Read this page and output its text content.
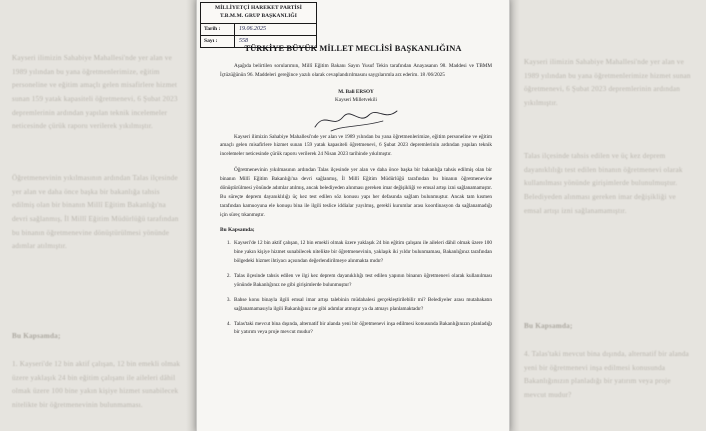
Kayseri ilimizin Sahabiye Mahallesi'nde yer alan ve 1989 yılından bu yana öğretmenlerimize, eğitim personeline ve eğitim amaçlı gelen misafirlere hizmet sunan 159 yatak kapasiteli öğretmenevi, 6 Şubat 2023 depremlerinin ardından yapılan teknik incelemeler neticesinde çürük raporu verilerek yıkılmıştır.
Öğretmenevinin yıkılmasının ardından Talas ilçesinde yer alan ve daha önce başka bir bakanlığa tahsis edilmiş olan bir binanın Millî Eğitim Bakanlığı'na devri sağlanmış, İl Millî Eğitim Müdürlüğü tarafından bu binanın öğretmenevine dönüştürülmesi yönünde adımlar atılmıştır.
Bu Kapsamda;
1. Kayseri'de 12 bin aktif çalışan, 12 bin emekli olmak üzere yaklaşık 24 bin eğitim çalışanı ile aileleri dâhil olmak üzere 100 bine yakın kişiye hizmet sunabilecek nitelikte bir öğretmenevinin bulunmaması.
Kayseri ilimizin Sahabiye Mahallesi'nde yer alan ve 1989 yılından bu yana öğretmenlerimize hizmet sunan öğretmenevi, 6 Şubat 2023 depremlerinin ardından yıkılmıştır.
Talas ilçesinde tahsis edilen ve üç kez deprem dayanıklılığı test edilen binanın öğretmenevi olarak kullanılması yönünde girişimlerde bulunulmuştur. Belediyeden alınması gereken imar değişikliği ve emsal artışı izni sağlanamamıştır.
Bu Kapsamda;
4. Talas'taki mevcut bina dışında, alternatif bir alanda yeni bir öğretmenevi inşa edilmesi konusunda Bakanlığınızın planladığı bir yatırım veya proje mevcut mudur?
MİLLİYETÇİ HAREKET PARTİSİ
T.B.M.M. GRUP BAŞKANLIĞI
Tarih :	19.06.2025
Sayı :	558
TÜRKİYE BÜYÜK MİLLET MECLİSİ BAŞKANLIĞINA

Aşağıda belirtilen sorularımın, Millî Eğitim Bakanı Sayın Yusuf Tekin tarafından Anayasanın 98. Maddesi ve TBMM İçtüzüğünün 96. Maddeleri gereğince yazılı olarak cevaplandırılmasını saygılarımla arz ederim. 18 /06/2025

M. Bali ERSOY
Kayseri Milletvekili

Kayseri ilimizin Sahabiye Mahallesi'nde yer alan ve 1989 yılından bu yana öğretmenlerimize, eğitim personeline ve eğitim amaçlı gelen misafirlere hizmet sunan 159 yatak kapasiteli öğretmenevi, 6 Şubat 2023 depremlerinin ardından yapılan teknik incelemeler neticesinde çürük raporu verilerek 24 Nisan 2023 tarihinde yıkılmıştır.

Öğretmenevinin yıkılmasının ardından Talas ilçesinde yer alan ve daha önce başka bir bakanlığa tahsis edilmiş olan bir binanın Millî Eğitim Bakanlığı'na devri sağlanmış, İl Millî Eğitim Müdürlüğü tarafından bu binanın öğretmenevine dönüştürülmesi yönünde adımlar atılmış, ancak belediyeden alınması gereken imar değişikliği ve emsal artışı izni sağlanamamıştır. Bu süreçte deprem dayanıklılığı üç kez test edilen söz konusu yapı her defasında sağlam bulunmuştur. Ancak tam kısmen tarafından kamuoyuna ele konuşu bina ile ilgili teslice iddialar yayılmış, gerekli kurumlar arası koordinasyon da sağlanamadığı için süreç tıkanmıştır.

Bu Kapsamda;
1. Kayseri'de 12 bin aktif çalışan, 12 bin emekli olmak üzere yaklaşık 24 bin eğitim çalışanı ile aileleri dâhil olmak üzere 100 bine yakın kişiye hizmet sunabilecek nitelikte bir öğretmenevinin, yaklaşık iki yıldır bulunmaması, Bakanlığınız tarafından bölgedeki hizmet ihtiyacı açısından değerlendirilmeye alınmakta mıdır?
2. Talas ilçesinde tahsis edilen ve ilgi kez deprem dayanıklılığı test edilen yapının binanın öğretmenevi olarak kullanılması yönünde Bakanlığınız ne gibi girişimlerde bulunmuştur?
3. Bahse konu binayla ilgili emsal imar artışı talebinin müdahalesi gerçekleştirilebilir mi? Belediyeler arası mutabakatın sağlanamamasıyla ilgili Bakanlığınız ne gibi adımlar atmıştır ya da atmayı planlamaktadır?
4. Talas'taki mevcut bina dışında, alternatif bir alanda yeni bir öğretmenevi inşa edilmesi konusunda Bakanlığınızın planladığı bir yatırım veya proje mevcut mudur?
